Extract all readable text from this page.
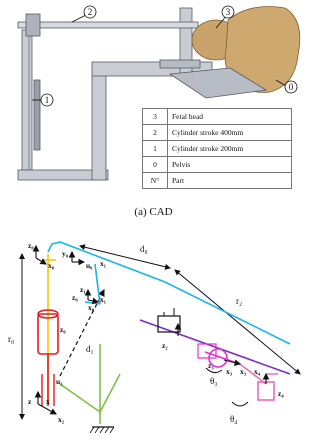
2	3
1
0
3	Fetal head
2	Cylinder stroke 400mm
1	Cylinder stroke 200mm
0	Pelvis
N°	Part
(a) CAD
d₀
r₂
r₀
d₁
θ₃
θ₄
z₀
x₀
y₀
u₀ x₁
z₀
z₁
x₀
x₁
z₀
z₂
u₁
z x
x₂
z₃
x₃ x₃ x₄
z₄
